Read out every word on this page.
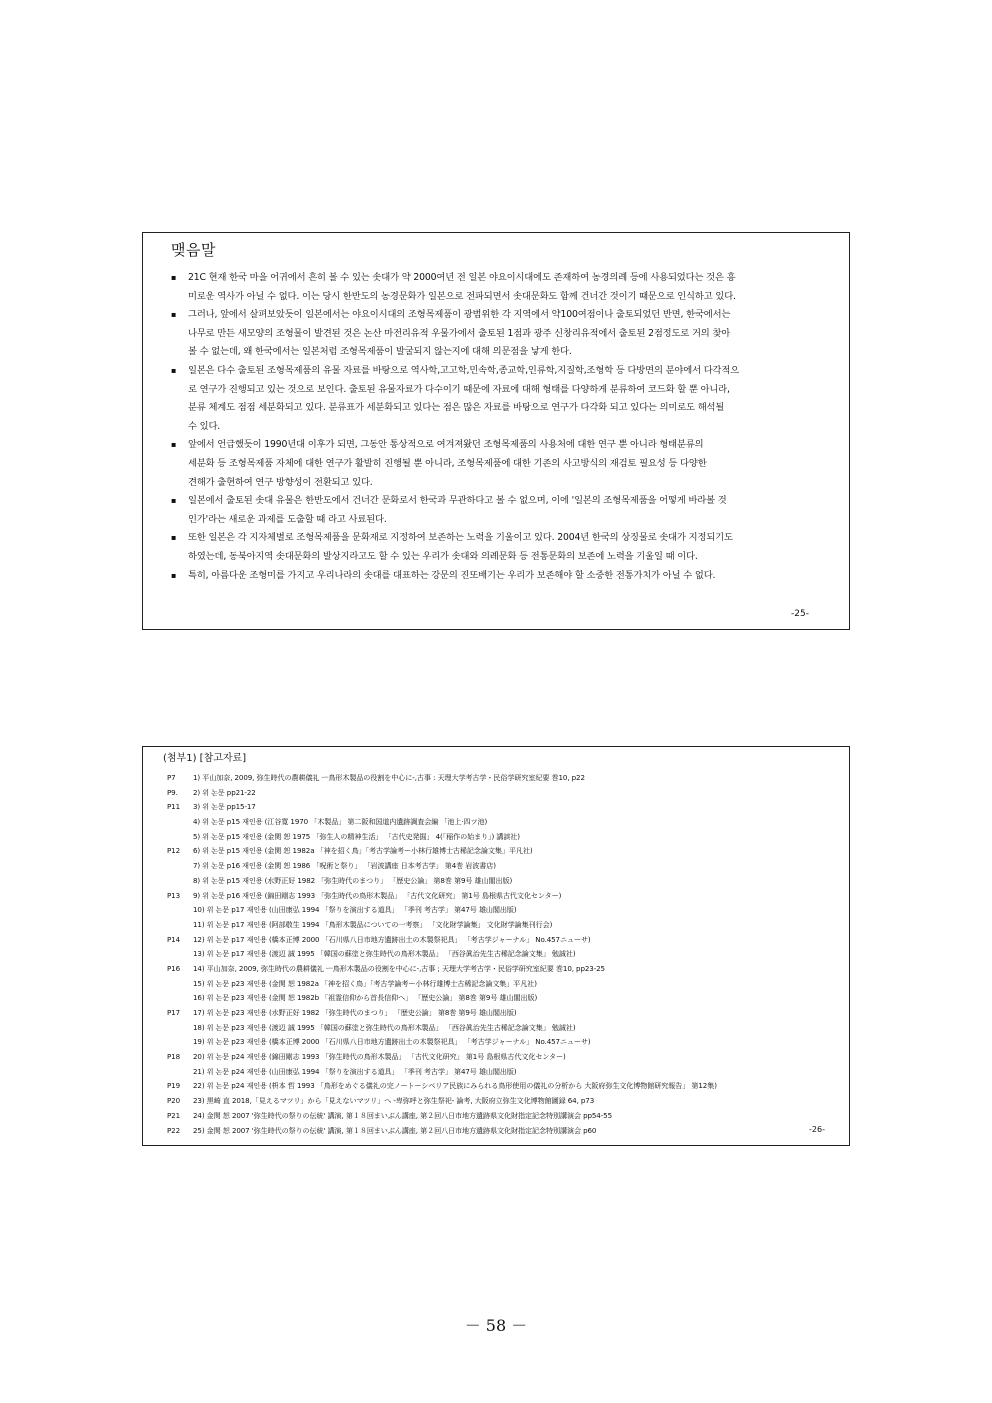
맺음말
▪ 21C 현재 한국 마을 어귀에서 흔히 볼 수 있는 솟대가 약 2000여년 전 일본 야요이시대에도 존재하여 농경의례 등에 사용되었다는 것은 흥
미로운 역사가 아닐 수 없다. 이는 당시 한반도의 농경문화가 일본으로 전파되면서 솟대문화도 함께 건너간 것이기 때문으로 인식하고 있다.
▪ 그러나, 앞에서 살펴보았듯이 일본에서는 야요이시대의 조형목제품이 광범위한 각 지역에서 약100여점이나 출토되었던 반면, 한국에서는
나무로 만든 새모양의 조형물이 발견된 것은 논산 마전리유적 우물가에서 출토된 1점과 광주 신창리유적에서 출토된 2점정도로 거의 찾아
볼 수 없는데, 왜 한국에서는 일본처럼 조형목제품이 발굴되지 않는지에 대해 의문점을 낳게 한다.
▪ 일본은 다수 출토된 조형목제품의 유물 자료를 바탕으로 역사학,고고학,민속학,종교학,인류학,지질학,조형학 등 다방면의 분야에서 다각적으
로 연구가 진행되고 있는 것으로 보인다. 출토된 유물자료가 다수이기 때문에 자료에 대해 형태를 다양하게 분류하여 코드화 할 뿐 아니라,
분류 체계도 점점 세분화되고 있다. 분류표가 세분화되고 있다는 점은 많은 자료를 바탕으로 연구가 다각화 되고 있다는 의미로도 해석될
수 있다.
▪ 앞에서 언급했듯이 1990년대 이후가 되면, 그동안 통상적으로 여겨져왔던 조형목제품의 사용처에 대한 연구 뿐 아니라 형태분류의
세분화 등 조형목제품 자체에 대한 연구가 활발히 진행될 뿐 아니라, 조형목제품에 대한 기존의 사고방식의 재검토 필요성 등 다양한
견해가 출현하여 연구 방향성이 전환되고 있다.
▪ 일본에서 출토된 솟대 유물은 한반도에서 건너간 문화로서 한국과 무관하다고 볼 수 없으며, 이에 '일본의 조형목제품을 어떻게 바라볼 것
인가'라는 새로운 과제를 도출할 때 라고 사료된다.
▪ 또한 일본은 각 지자체별로 조형목제품을 문화재로 지정하여 보존하는 노력을 기울이고 있다. 2004년 한국의 상징물로 솟대가 지정되기도
하였는데, 동북아지역 솟대문화의 발상지라고도 할 수 있는 우리가 솟대와 의례문화 등 전통문화의 보존에 노력을 기울일 때 이다.
▪ 특히, 아름다운 조형미를 가지고 우리나라의 솟대를 대표하는 강문의 진또배기는 우리가 보존해야 할 소중한 전통가치가 아닐 수 없다.
-25-
(첨부1) [참고자료]
P7	1) 平山加奈, 2009, 弥生時代の農耕儀礼 ㅡ鳥形木製品の役割を中心に-,古事 : 天理大学考古学・民俗学研究室紀要 巻10, p22
P9.	2) 위 논문 pp21-22
P11	3) 위 논문 pp15-17
4) 위 논문 p15 재인용 (江谷寛 1970 「木製品」 第二阪和国道内遺跡調査会編 「池上·四ツ池)
5) 위 논문 p15 재인용 (金関 恕 1975 「弥生人の精神生活」 「古代史発掘」 4(「稲作の始まり」) 講談社)
P12	6) 위 논문 p15 재인용 (金関 恕 1982a 「神を招く鳥」「考古学論考ー小林行雄博士古稀記念論文集」平凡社)
7) 위 논문 p16 재인용 (金関 恕 1986 「呪術と祭り」 「岩波講座 日本考古学」 第4巻 岩波書店)
8) 위 논문 p15 재인용 (水野正好 1982 「弥生時代のまつり」 「歴史公論」 第8巻 第9号 雄山閣出版)
P13	9) 위 논문 p16 재인용 (錦田剛志 1993 「弥生時代の鳥形木製品」 「古代文化研究」 第1号 島根県古代文化センター)
10) 위 논문 p17 재인용 (山田康弘 1994 「祭りを演出する道具」 「季刊 考古学」 第47号 雄山閣出版)
11) 위 논문 p17 재인용 (阿部敬生 1994 「鳥形木製品についての一考察」 「文化財学論集」 文化財学論集刊行会)
P14	12) 위 논문 p17 재인용 (橋本正博 2000 「石川県八日市地方遺跡出土の木製祭祀具」 「考古学ジャーナル」 No.457ニューサ)
13) 위 논문 p17 재인용 (渡辺 誠 1995 「韓国の蘇塗と弥生時代の鳥形木製品」 「西谷眞治先生古稀記念論文集」 勉誠社)
P16	14) 平山加奈, 2009, 弥生時代の農耕儀礼 ㅡ鳥形木製品の役割を中心に-,古事 ; 天理大学考古学・民俗学研究室紀要 巻10, pp23-25
15) 위 논문 p23 재인용 (金関 恕 1982a 「神を招く鳥」「考古学論考ー小林行雄博士古稀記念論文集」平凡社)
16) 위 논문 p23 재인용 (金関 恕 1982b 「祖霊信仰から首長信仰へ」 「歴史公論」 第8巻 第9号 雄山閣出版)
P17	17) 위 논문 p23 재인용 (水野正好 1982 「弥生時代のまつり」 「歴史公論」 第8巻 第9号 雄山閣出版)
18) 위 논문 p23 재인용 (渡辺 誠 1995 「韓国の蘇塗と弥生時代の鳥形木製品」 「西谷眞治先生古稀記念論文集」 勉誠社)
19) 위 논문 p23 재인용 (橋本正博 2000 「石川県八日市地方遺跡出土の木製祭祀具」 「考古学ジャーナル」 No.457ニューサ)
P18	20) 위 논문 p24 재인용 (錦田剛志 1993 「弥生時代の鳥形木製品」 「古代文化研究」 第1号 島根県古代文化センター)
21) 위 논문 p24 재인용 (山田康弘 1994 「祭りを演出する道具」 「季刊 考古学」 第47号 雄山閣出版)
P19	22) 위 논문 p24 재인용 (枡本 哲 1993 「鳥形をめぐる儀礼の完ノートーシベリア民族にみられる鳥形使用の儀礼の分析から 大阪府弥生文化博物館研究報告」 第12集)
P20	23) 黒崎 直 2018,「見えるマツリ」から「見えないマツリ」へ -卑弥呼と弥生祭祀- 論考, 大阪府立弥生文化博物館圖録 64, p73
P21	24) 金関 恕 2007 '弥生時代の祭りの伝統' 講演, 第１８回まいぶん講座, 第２回八日市地方遺跡県文化財指定記念特別講演会 pp54-55
P22	25) 金関 恕 2007 '弥生時代の祭りの伝統' 講演, 第１８回まいぶん講座, 第２回八日市地方遺跡県文化財指定記念特別講演会 p60	-26-
－ 58 －
